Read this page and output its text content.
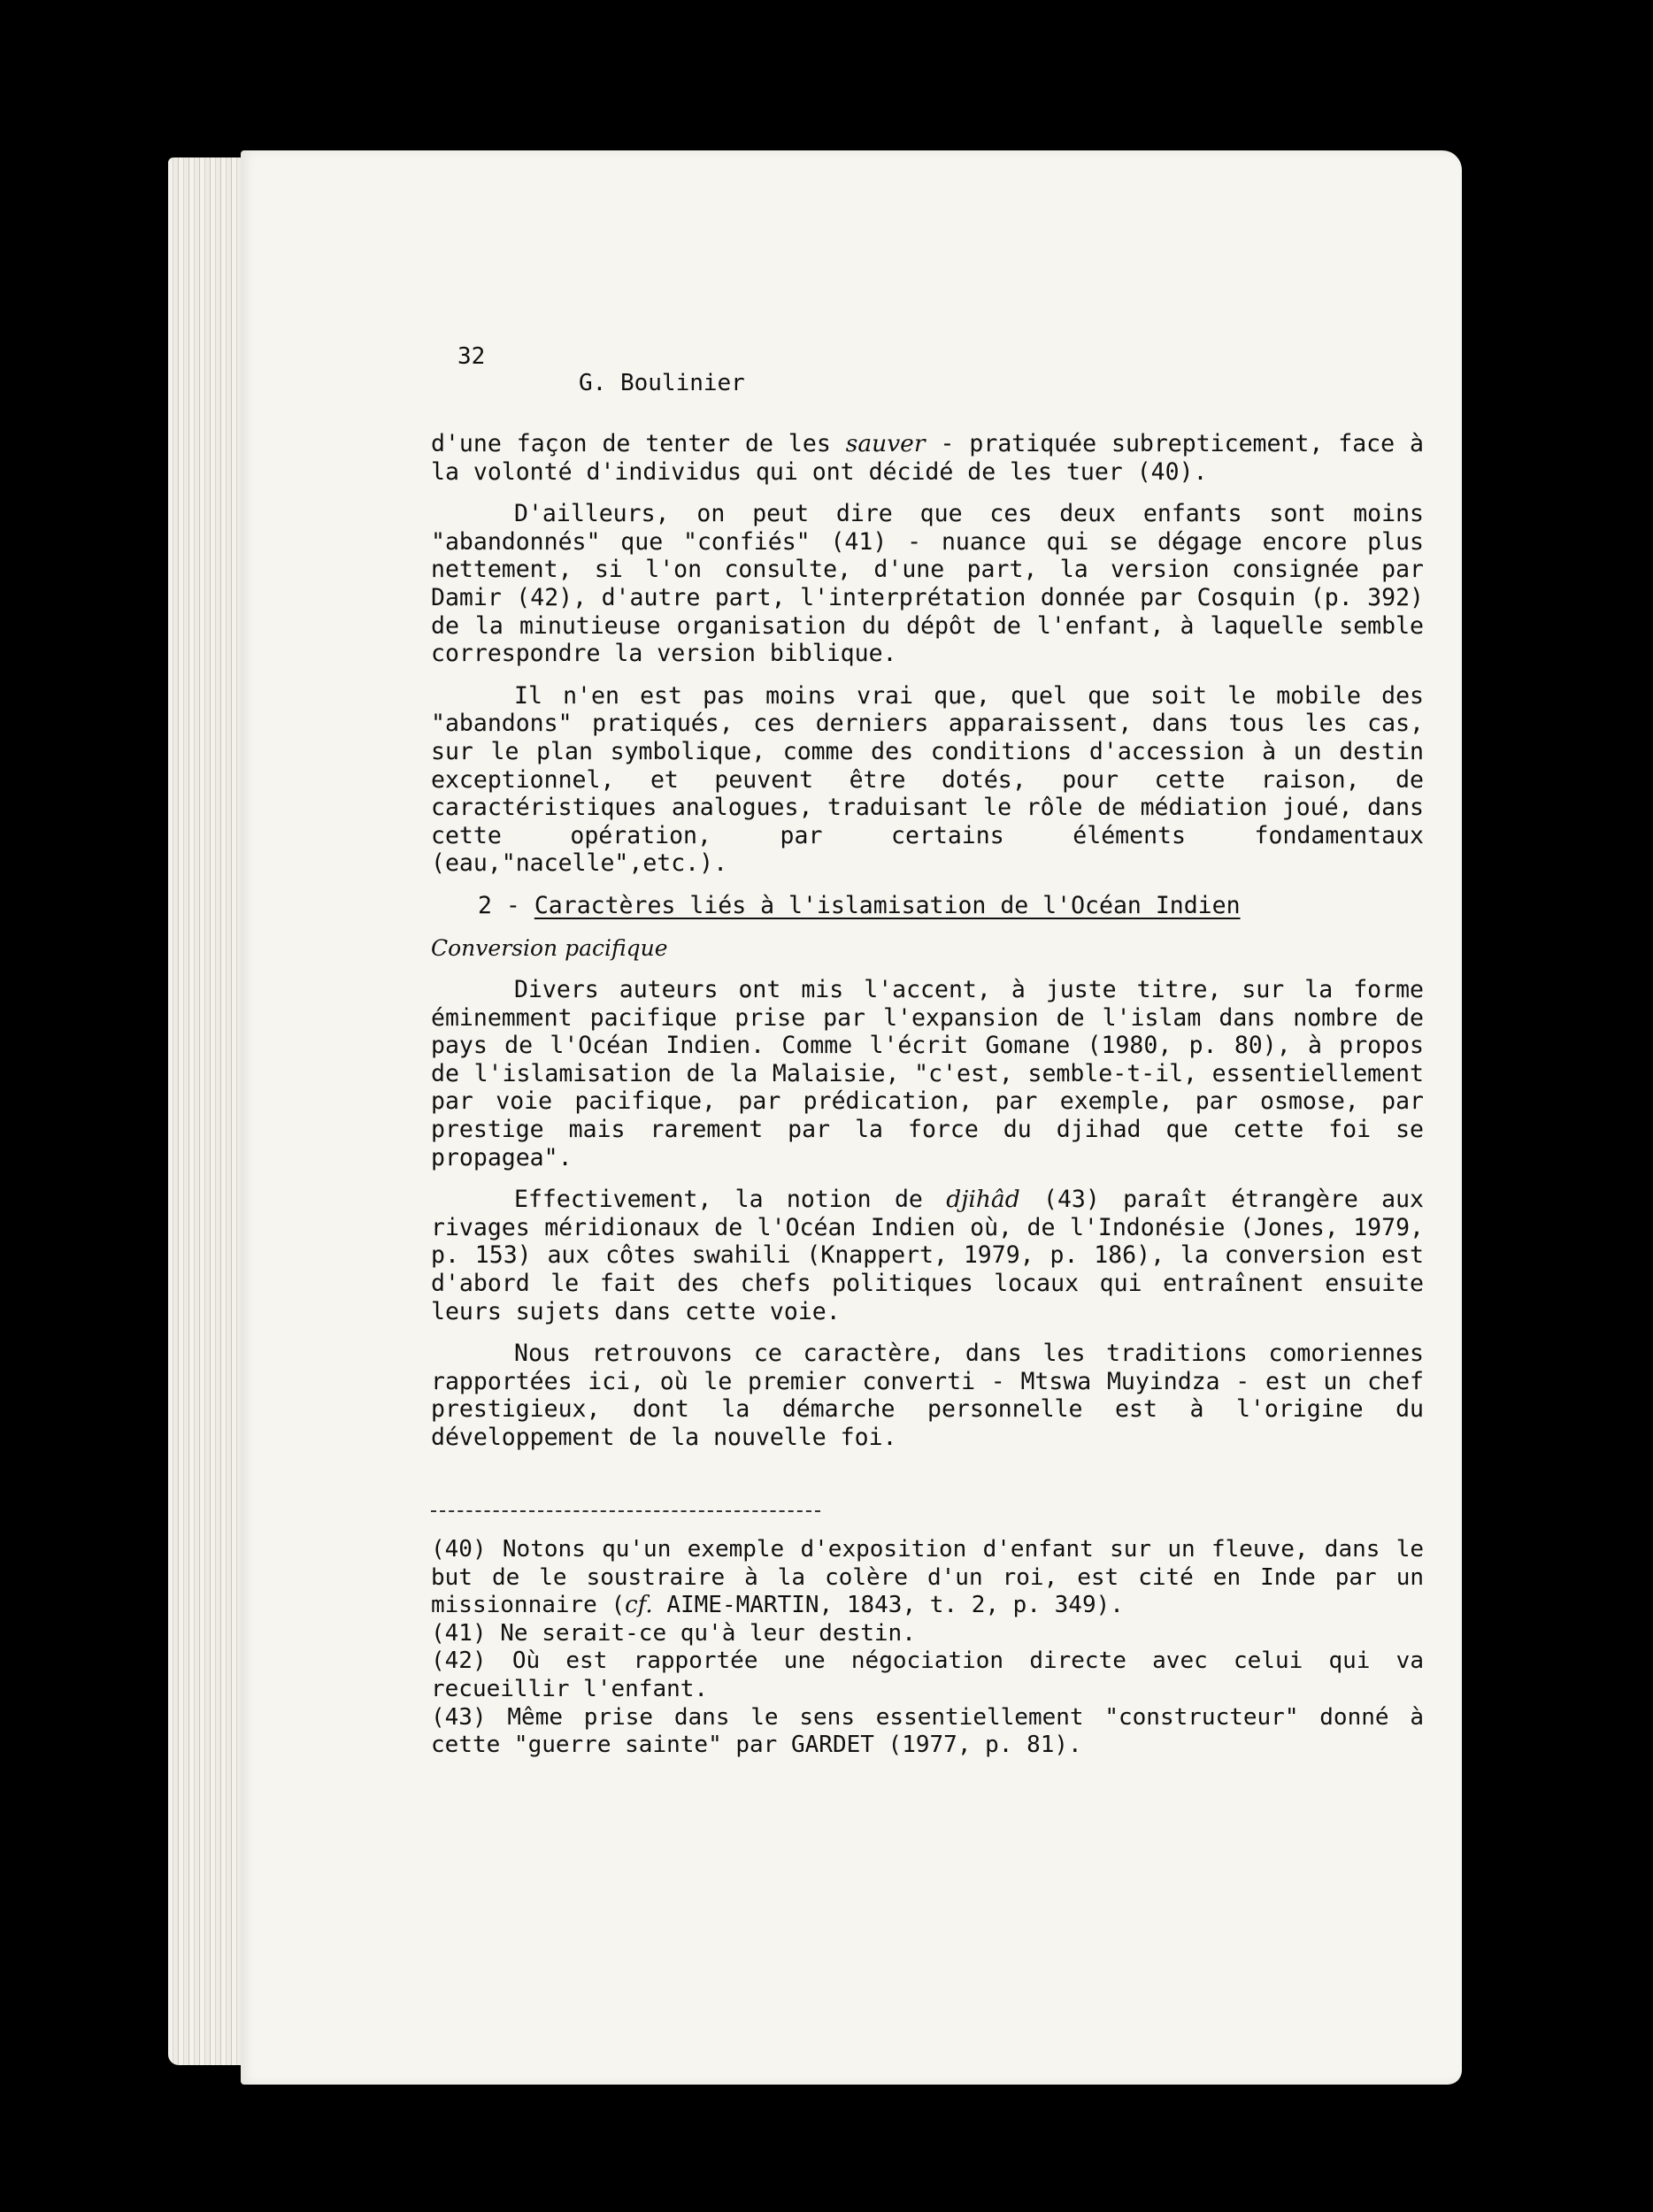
32

G. Boulinier

d'une façon de tenter de les sauver - pratiquée subrepticement, face à la volonté d'individus qui ont décidé de les tuer (40).

D'ailleurs, on peut dire que ces deux enfants sont moins "abandonnés" que "confiés" (41) - nuance qui se dégage encore plus nettement, si l'on consulte, d'une part, la version consignée par Damir (42), d'autre part, l'interprétation donnée par Cosquin (p. 392) de la minutieuse organisation du dépôt de l'enfant, à laquelle semble correspondre la version biblique.

Il n'en est pas moins vrai que, quel que soit le mobile des "abandons" pratiqués, ces derniers apparaissent, dans tous les cas, sur le plan symbolique, comme des conditions d'accession à un destin exceptionnel, et peuvent être dotés, pour cette raison, de caractéristiques analogues, traduisant le rôle de médiation joué, dans cette opération, par certains éléments fondamentaux (eau,"nacelle",etc.).

2 - Caractères liés à l'islamisation de l'Océan Indien

Conversion pacifique

Divers auteurs ont mis l'accent, à juste titre, sur la forme éminemment pacifique prise par l'expansion de l'islam dans nombre de pays de l'Océan Indien. Comme l'écrit Gomane (1980, p. 80), à propos de l'islamisation de la Malaisie, "c'est, semble-t-il, essentiellement par voie pacifique, par prédication, par exemple, par osmose, par prestige mais rarement par la force du djihad que cette foi se propagea".

Effectivement, la notion de djihâd (43) paraît étrangère aux rivages méridionaux de l'Océan Indien où, de l'Indonésie (Jones, 1979, p. 153) aux côtes swahili (Knappert, 1979, p. 186), la conversion est d'abord le fait des chefs politiques locaux qui entraînent ensuite leurs sujets dans cette voie.

Nous retrouvons ce caractère, dans les traditions comoriennes rapportées ici, où le premier converti - Mtswa Muyindza - est un chef prestigieux, dont la démarche personnelle est à l'origine du développement de la nouvelle foi.

(40) Notons qu'un exemple d'exposition d'enfant sur un fleuve, dans le but de le soustraire à la colère d'un roi, est cité en Inde par un missionnaire (cf. AIME-MARTIN, 1843, t. 2, p. 349).

(41) Ne serait-ce qu'à leur destin.

(42) Où est rapportée une négociation directe avec celui qui va recueillir l'enfant.

(43) Même prise dans le sens essentiellement "constructeur" donné à cette "guerre sainte" par GARDET (1977, p. 81).
